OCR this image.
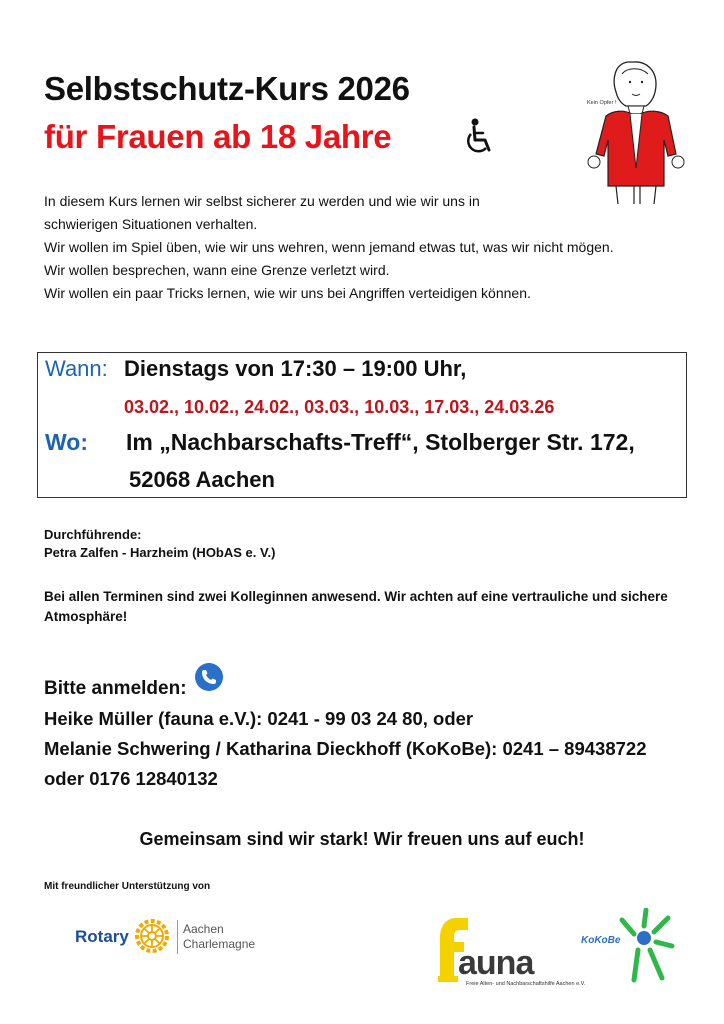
Selbstschutz-Kurs 2026
für Frauen ab 18 Jahre
Kein Opfer !

In diesem Kurs lernen wir selbst sicherer zu werden und wie wir uns in

schwierigen Situationen verhalten.

Wir wollen im Spiel üben, wie wir uns wehren, wenn jemand etwas tut, was wir nicht mögen.

Wir wollen besprechen, wann eine Grenze verletzt wird.

Wir wollen ein paar Tricks lernen, wie wir uns bei Angriffen verteidigen können.

Wann: Dienstags von 17:30 – 19:00 Uhr,
03.02., 10.02., 24.02., 03.03., 10.03., 17.03., 24.03.26
Wo: Im „Nachbarschafts-Treff“, Stolberger Str. 172,
52068 Aachen
Durchführende:
Petra Zalfen - Harzheim (HObAS e. V.)
Bei allen Terminen sind zwei Kolleginnen anwesend. Wir achten auf eine vertrauliche und sichere Atmosphäre!
Bitte anmelden:
Heike Müller (fauna e.V.): 0241 - 99 03 24 80, oder
Melanie Schwering / Katharina Dieckhoff (KoKoBe): 0241 – 89438722
oder 0176 12840132
Gemeinsam sind wir stark! Wir freuen uns auf euch!
Mit freundlicher Unterstützung von
Rotary	Aachen
Charlemagne	auna
Freie Alten- und Nachbarschaftshilfe Aachen e.V.
KoKoBe
